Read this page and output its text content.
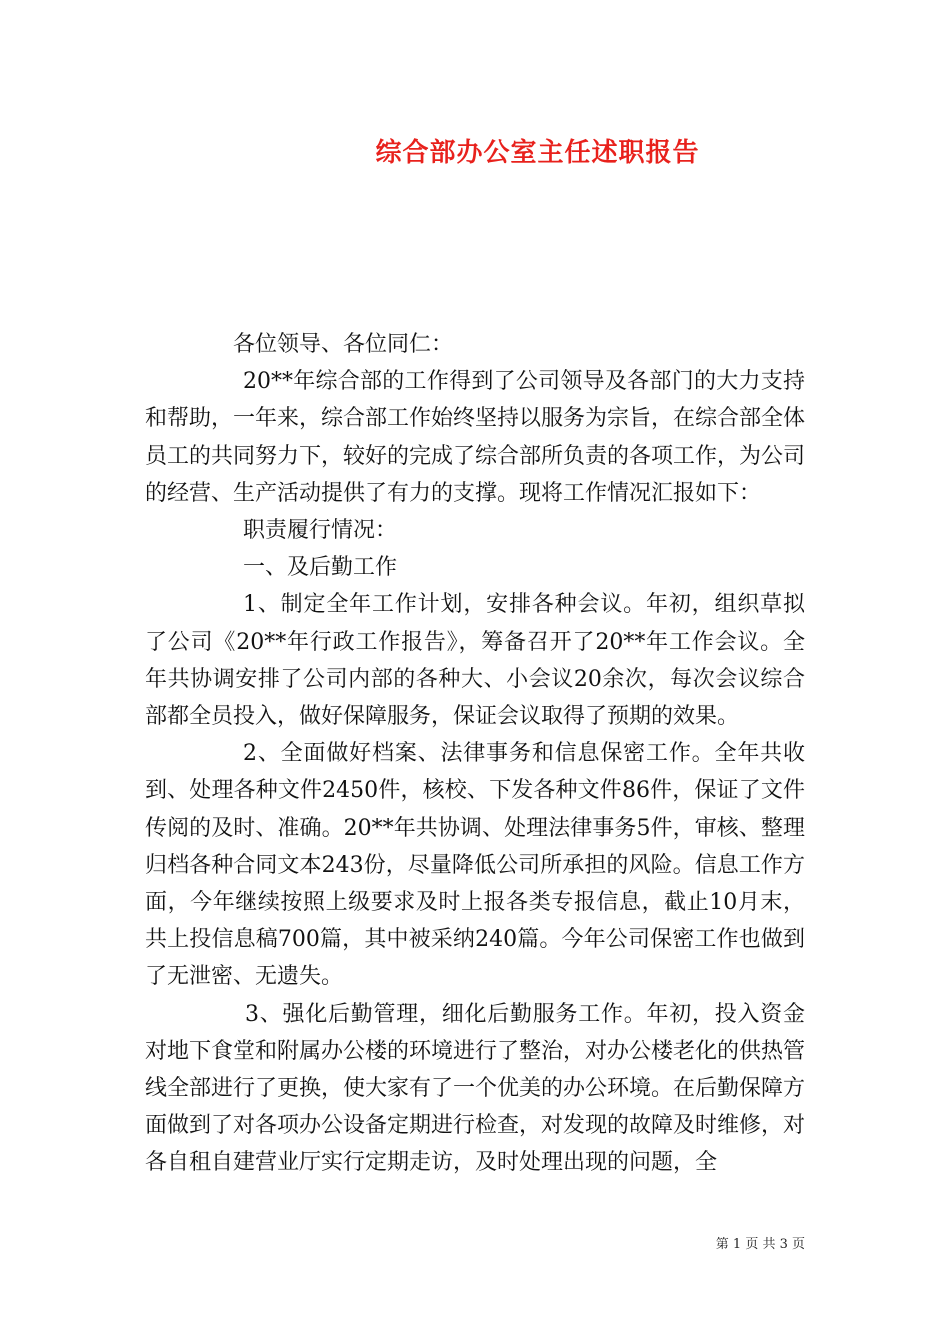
综合部办公室主任述职报告

各位领导、各位同仁：

20**年综合部的工作得到了公司领导及各部门的大力支持和帮助，一年来，综合部工作始终坚持以服务为宗旨，在综合部全体员工的共同努力下，较好的完成了综合部所负责的各项工作，为公司的经营、生产活动提供了有力的支撑。现将工作情况汇报如下：

职责履行情况：

一、及后勤工作

1、制定全年工作计划，安排各种会议。年初，组织草拟了公司《20**年行政工作报告》，筹备召开了20**年工作会议。全年共协调安排了公司内部的各种大、小会议20余次，每次会议综合部都全员投入，做好保障服务，保证会议取得了预期的效果。

2、全面做好档案、法律事务和信息保密工作。全年共收到、处理各种文件2450件，核校、下发各种文件86件，保证了文件传阅的及时、准确。20**年共协调、处理法律事务5件，审核、整理归档各种合同文本243份，尽量降低公司所承担的风险。信息工作方面，今年继续按照上级要求及时上报各类专报信息，截止10月末，共上投信息稿700篇，其中被采纳240篇。今年公司保密工作也做到了无泄密、无遗失。

3、强化后勤管理，细化后勤服务工作。年初，投入资金对地下食堂和附属办公楼的环境进行了整治，对办公楼老化的供热管线全部进行了更换，使大家有了一个优美的办公环境。在后勤保障方面做到了对各项办公设备定期进行检查，对发现的故障及时维修，对各自租自建营业厅实行定期走访，及时处理出现的问题，全

第 1 页 共 3 页
